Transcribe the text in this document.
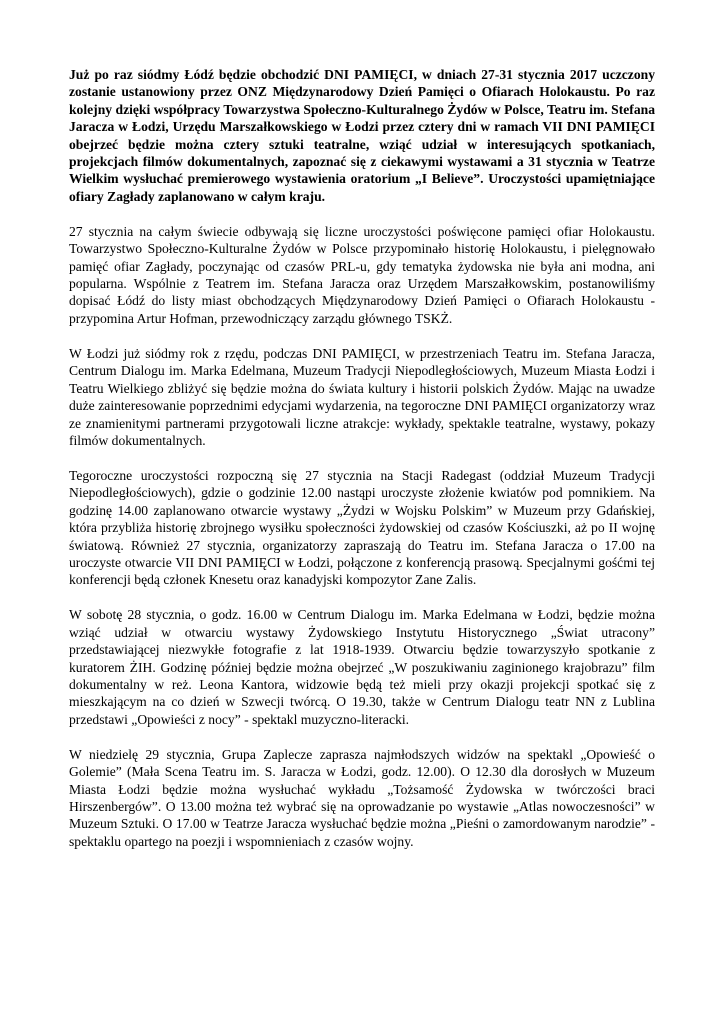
Już po raz siódmy Łódź będzie obchodzić DNI PAMIĘCI, w dniach 27-31 stycznia 2017 uczczony zostanie ustanowiony przez ONZ Międzynarodowy Dzień Pamięci o Ofiarach Holokaustu. Po raz kolejny dzięki współpracy Towarzystwa Społeczno-Kulturalnego Żydów w Polsce, Teatru im. Stefana Jaracza w Łodzi, Urzędu Marszałkowskiego w Łodzi przez cztery dni w ramach VII DNI PAMIĘCI obejrzeć będzie można cztery sztuki teatralne, wziąć udział w interesujących spotkaniach, projekcjach filmów dokumentalnych, zapoznać się z ciekawymi wystawami a 31 stycznia w Teatrze Wielkim wysłuchać premierowego wystawienia oratorium „I Believe”. Uroczystości upamiętniające ofiary Zagłady zaplanowano w całym kraju.

27 stycznia na całym świecie odbywają się liczne uroczystości poświęcone pamięci ofiar Holokaustu. Towarzystwo Społeczno-Kulturalne Żydów w Polsce przypominało historię Holokaustu, i pielęgnowało pamięć ofiar Zagłady, poczynając od czasów PRL-u, gdy tematyka żydowska nie była ani modna, ani popularna. Wspólnie z Teatrem im. Stefana Jaracza oraz Urzędem Marszałkowskim, postanowiliśmy dopisać Łódź do listy miast obchodzących Międzynarodowy Dzień Pamięci o Ofiarach Holokaustu - przypomina Artur Hofman, przewodniczący zarządu głównego TSKŻ.

W Łodzi już siódmy rok z rzędu, podczas DNI PAMIĘCI, w przestrzeniach Teatru im. Stefana Jaracza, Centrum Dialogu im. Marka Edelmana, Muzeum Tradycji Niepodległościowych, Muzeum Miasta Łodzi i Teatru Wielkiego zbliżyć się będzie można do świata kultury i historii polskich Żydów. Mając na uwadze duże zainteresowanie poprzednimi edycjami wydarzenia, na tegoroczne DNI PAMIĘCI organizatorzy wraz ze znamienitymi partnerami przygotowali liczne atrakcje: wykłady, spektakle teatralne, wystawy, pokazy filmów dokumentalnych.

Tegoroczne uroczystości rozpoczną się 27 stycznia na Stacji Radegast (oddział Muzeum Tradycji Niepodległościowych), gdzie o godzinie 12.00 nastąpi uroczyste złożenie kwiatów pod pomnikiem. Na godzinę 14.00 zaplanowano otwarcie wystawy „Żydzi w Wojsku Polskim” w Muzeum przy Gdańskiej, która przybliża historię zbrojnego wysiłku społeczności żydowskiej od czasów Kościuszki, aż po II wojnę światową. Również 27 stycznia, organizatorzy zapraszają do Teatru im. Stefana Jaracza o 17.00 na uroczyste otwarcie VII DNI PAMIĘCI w Łodzi, połączone z konferencją prasową. Specjalnymi gośćmi tej konferencji będą członek Knesetu oraz kanadyjski kompozytor Zane Zalis.

W sobotę 28 stycznia, o godz. 16.00 w Centrum Dialogu im. Marka Edelmana w Łodzi, będzie można wziąć udział w otwarciu wystawy Żydowskiego Instytutu Historycznego „Świat utracony” przedstawiającej niezwykłe fotografie z lat 1918-1939. Otwarciu będzie towarzyszyło spotkanie z kuratorem ŻIH. Godzinę później będzie można obejrzeć „W poszukiwaniu zaginionego krajobrazu” film dokumentalny w reż. Leona Kantora, widzowie będą też mieli przy okazji projekcji spotkać się z mieszkającym na co dzień w Szwecji twórcą. O 19.30, także w Centrum Dialogu teatr NN z Lublina przedstawi „Opowieści z nocy” - spektakl muzyczno-literacki.

W niedzielę 29 stycznia, Grupa Zaplecze zaprasza najmłodszych widzów na spektakl „Opowieść o Golemie” (Mała Scena Teatru im. S. Jaracza w Łodzi, godz. 12.00). O 12.30 dla dorosłych w Muzeum Miasta Łodzi będzie można wysłuchać wykładu „Tożsamość Żydowska w twórczości braci Hirszenbergów”. O 13.00 można też wybrać się na oprowadzanie po wystawie „Atlas nowoczesności” w Muzeum Sztuki. O 17.00 w Teatrze Jaracza wysłuchać będzie można „Pieśni o zamordowanym narodzie” - spektaklu opartego na poezji i wspomnieniach z czasów wojny.
